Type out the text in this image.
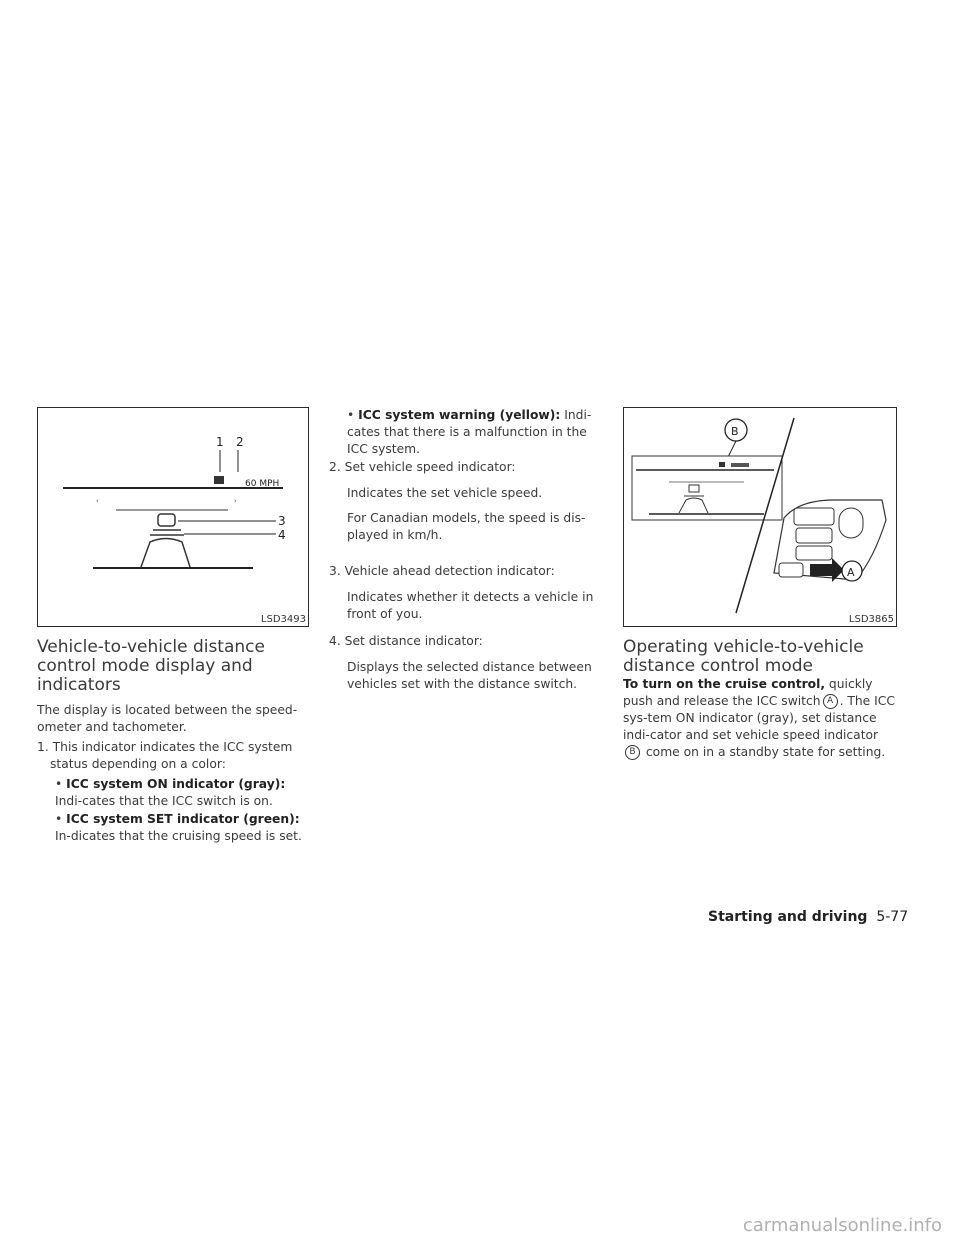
1 2
60 MPH
‹	›
3
4
LSD3493
Vehicle-to-vehicle distance
control mode display and
indicators

The display is located between the speed-ometer and tachometer.

1. This indicator indicates the ICC system
status depending on a color:
• ICC system ON indicator (gray): Indi-cates that the ICC switch is on.
• ICC system SET indicator (green): In-dicates that the cruising speed is set.
• ICC system warning (yellow): Indi-cates that there is a malfunction in the ICC system.
2. Set vehicle speed indicator:
Indicates the set vehicle speed.
For Canadian models, the speed is dis-played in km/h.
3. Vehicle ahead detection indicator:
Indicates whether it detects a vehicle in front of you.
4. Set distance indicator:
Displays the selected distance between vehicles set with the distance switch.
B
A
LSD3865
Operating vehicle-to-vehicle
distance control mode

To turn on the cruise control, quickly push and release the ICC switch A . The ICC sys-tem ON indicator (gray), set distance indi-cator and set vehicle speed indicatorB come on in a standby state for setting.

Starting and driving 5-77
carmanualsonline.info
